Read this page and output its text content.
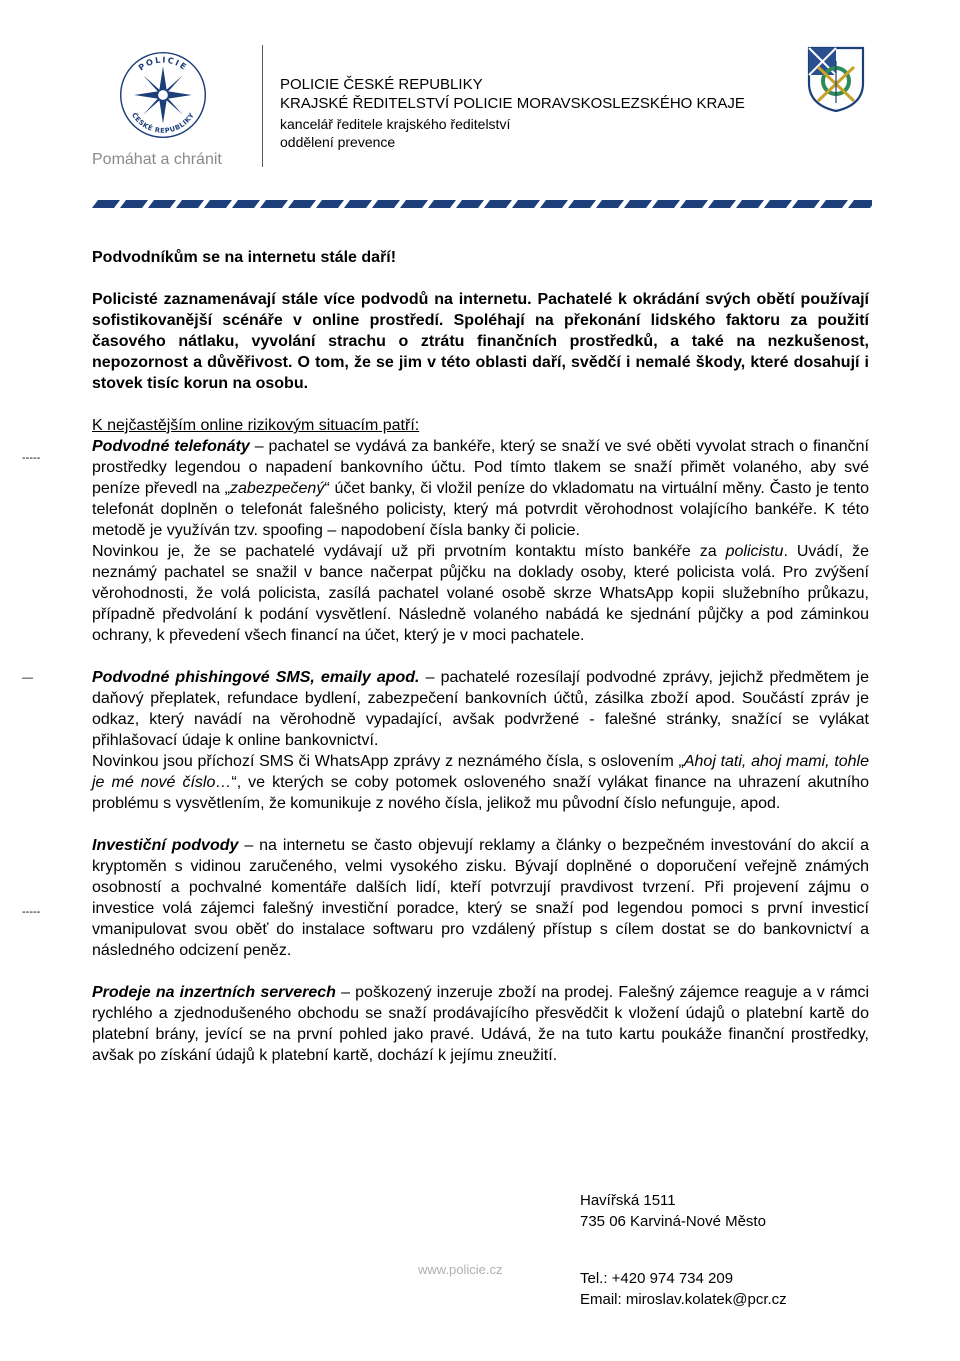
POLICIE
ČESKÉ REPUBLIKY
Pomáhat a chránit
POLICIE ČESKÉ REPUBLIKY
KRAJSKÉ ŘEDITELSTVÍ POLICIE MORAVSKOSLEZSKÉHO KRAJE
kancelář ředitele krajského ředitelství
oddělení prevence
-----
—
-----
Podvodníkům se na internetu stále daří!
Policisté zaznamenávají stále více podvodů na internetu. Pachatelé k okrádání svých obětí používají sofistikovanější scénáře v online prostředí. Spoléhají na překonání lidského faktoru za použití časového nátlaku, vyvolání strachu o ztrátu finančních prostředků, a také na nezkušenost, nepozornost a důvěřivost. O tom, že se jim v této oblasti daří, svědčí i nemalé škody, které dosahují i stovek tisíc korun na osobu.

K nejčastějším online rizikovým situacím patří:

Podvodné telefonáty – pachatel se vydává za bankéře, který se snaží ve své oběti vyvolat strach o finanční prostředky legendou o napadení bankovního účtu. Pod tímto tlakem se snaží přimět volaného, aby své peníze převedl na „zabezpečený“ účet banky, či vložil peníze do vkladomatu na virtuální měny. Často je tento telefonát doplněn o telefonát falešného policisty, který má potvrdit věrohodnost volajícího bankéře. K této metodě je využíván tzv. spoofing – napodobení čísla banky či policie.

Novinkou je, že se pachatelé vydávají už při prvotním kontaktu místo bankéře za policistu. Uvádí, že neznámý pachatel se snažil v bance načerpat půjčku na doklady osoby, které policista volá. Pro zvýšení věrohodnosti, že volá policista, zasílá pachatel volané osobě skrze WhatsApp kopii služebního průkazu, případně předvolání k podání vysvětlení. Následně volaného nabádá ke sjednání půjčky a pod záminkou ochrany, k převedení všech financí na účet, který je v moci pachatele.

Podvodné phishingové SMS, emaily apod. – pachatelé rozesílají podvodné zprávy, jejichž předmětem je daňový přeplatek, refundace bydlení, zabezpečení bankovních účtů, zásilka zboží apod. Součástí zpráv je odkaz, který navádí na věrohodně vypadající, avšak podvržené - falešné stránky, snažící se vylákat přihlašovací údaje k online bankovnictví.

Novinkou jsou příchozí SMS či WhatsApp zprávy z neznámého čísla, s oslovením „Ahoj tati, ahoj mami, tohle je mé nové číslo…“, ve kterých se coby potomek osloveného snaží vylákat finance na uhrazení akutního problému s vysvětlením, že komunikuje z nového čísla, jelikož mu původní číslo nefunguje, apod.

Investiční podvody – na internetu se často objevují reklamy a články o bezpečném investování do akcií a kryptoměn s vidinou zaručeného, velmi vysokého zisku. Bývají doplněné o doporučení veřejně známých osobností a pochvalné komentáře dalších lidí, kteří potvrzují pravdivost tvrzení. Při projevení zájmu o investice volá zájemci falešný investiční poradce, který se snaží pod legendou pomoci s první investicí vmanipulovat svou oběť do instalace softwaru pro vzdálený přístup s cílem dostat se do bankovnictví a následného odcizení peněz.

Prodeje na inzertních serverech – poškozený inzeruje zboží na prodej. Falešný zájemce reaguje a v rámci rychlého a zjednodušeného obchodu se snaží prodávajícího přesvědčit k vložení údajů o platební kartě do platební brány, jevící se na první pohled jako pravé. Udává, že na tuto kartu poukáže finanční prostředky, avšak po získání údajů k platební kartě, dochází k jejímu zneužití.

Havířská 1511
735 06 Karviná-Nové Město
www.policie.cz
Tel.: +420 974 734 209
Email: miroslav.kolatek@pcr.cz
